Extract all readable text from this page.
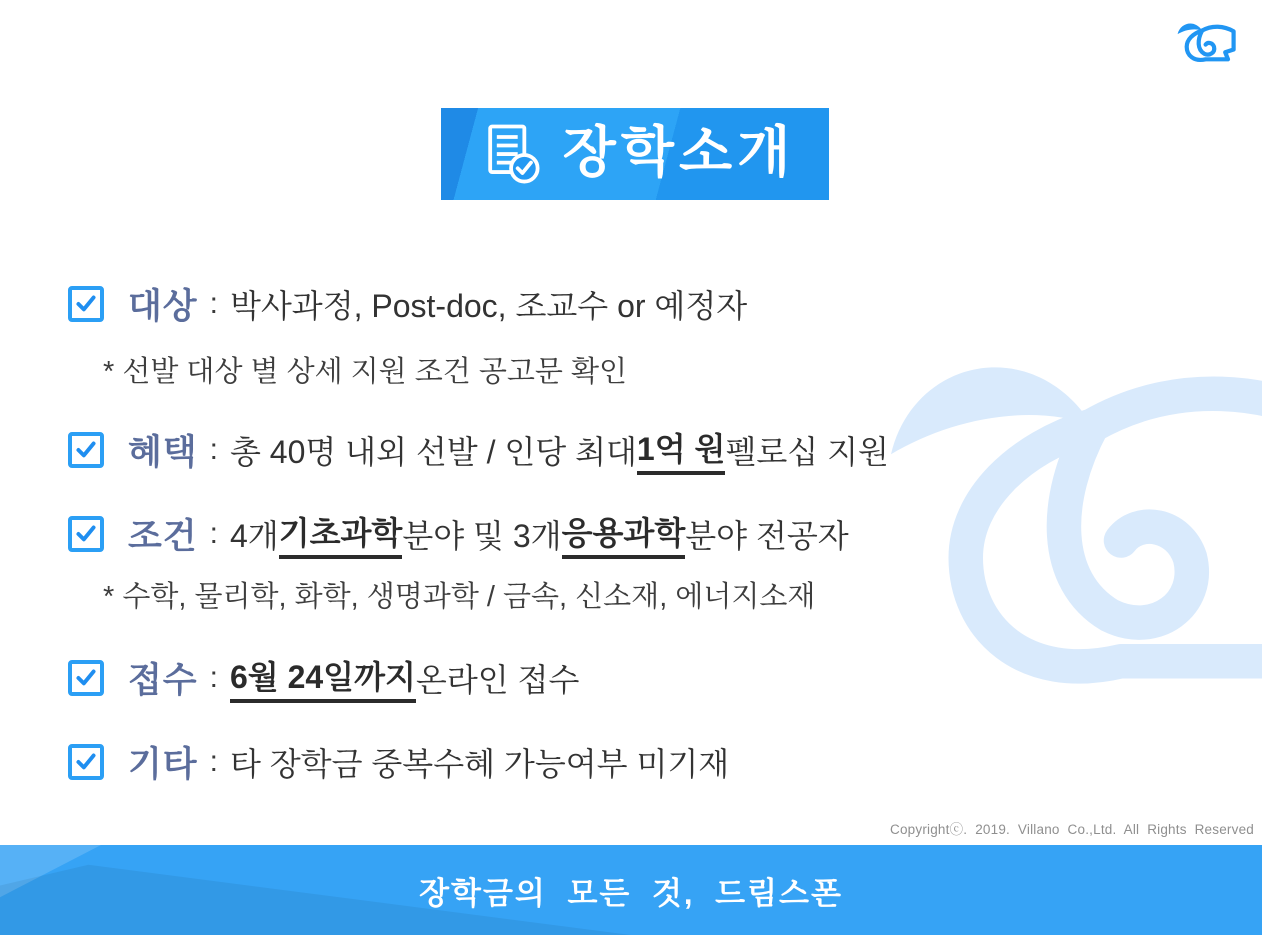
장학소개
대상 : 박사과정, Post-doc, 조교수 or 예정자
* 선발 대상 별 상세 지원 조건 공고문 확인
혜택 : 총 40명 내외 선발 / 인당 최대 1억 원 펠로십 지원
조건 : 4개 기초과학 분야 및 3개 응용과학 분야 전공자
* 수학, 물리학, 화학, 생명과학 / 금속, 신소재, 에너지소재
접수 : 6월 24일까지 온라인 접수
기타 : 타 장학금 중복수혜 가능여부 미기재
Copyrightⓒ. 2019. Villano Co.,Ltd. All Rights Reserved
장학금의 모든 것, 드림스폰
